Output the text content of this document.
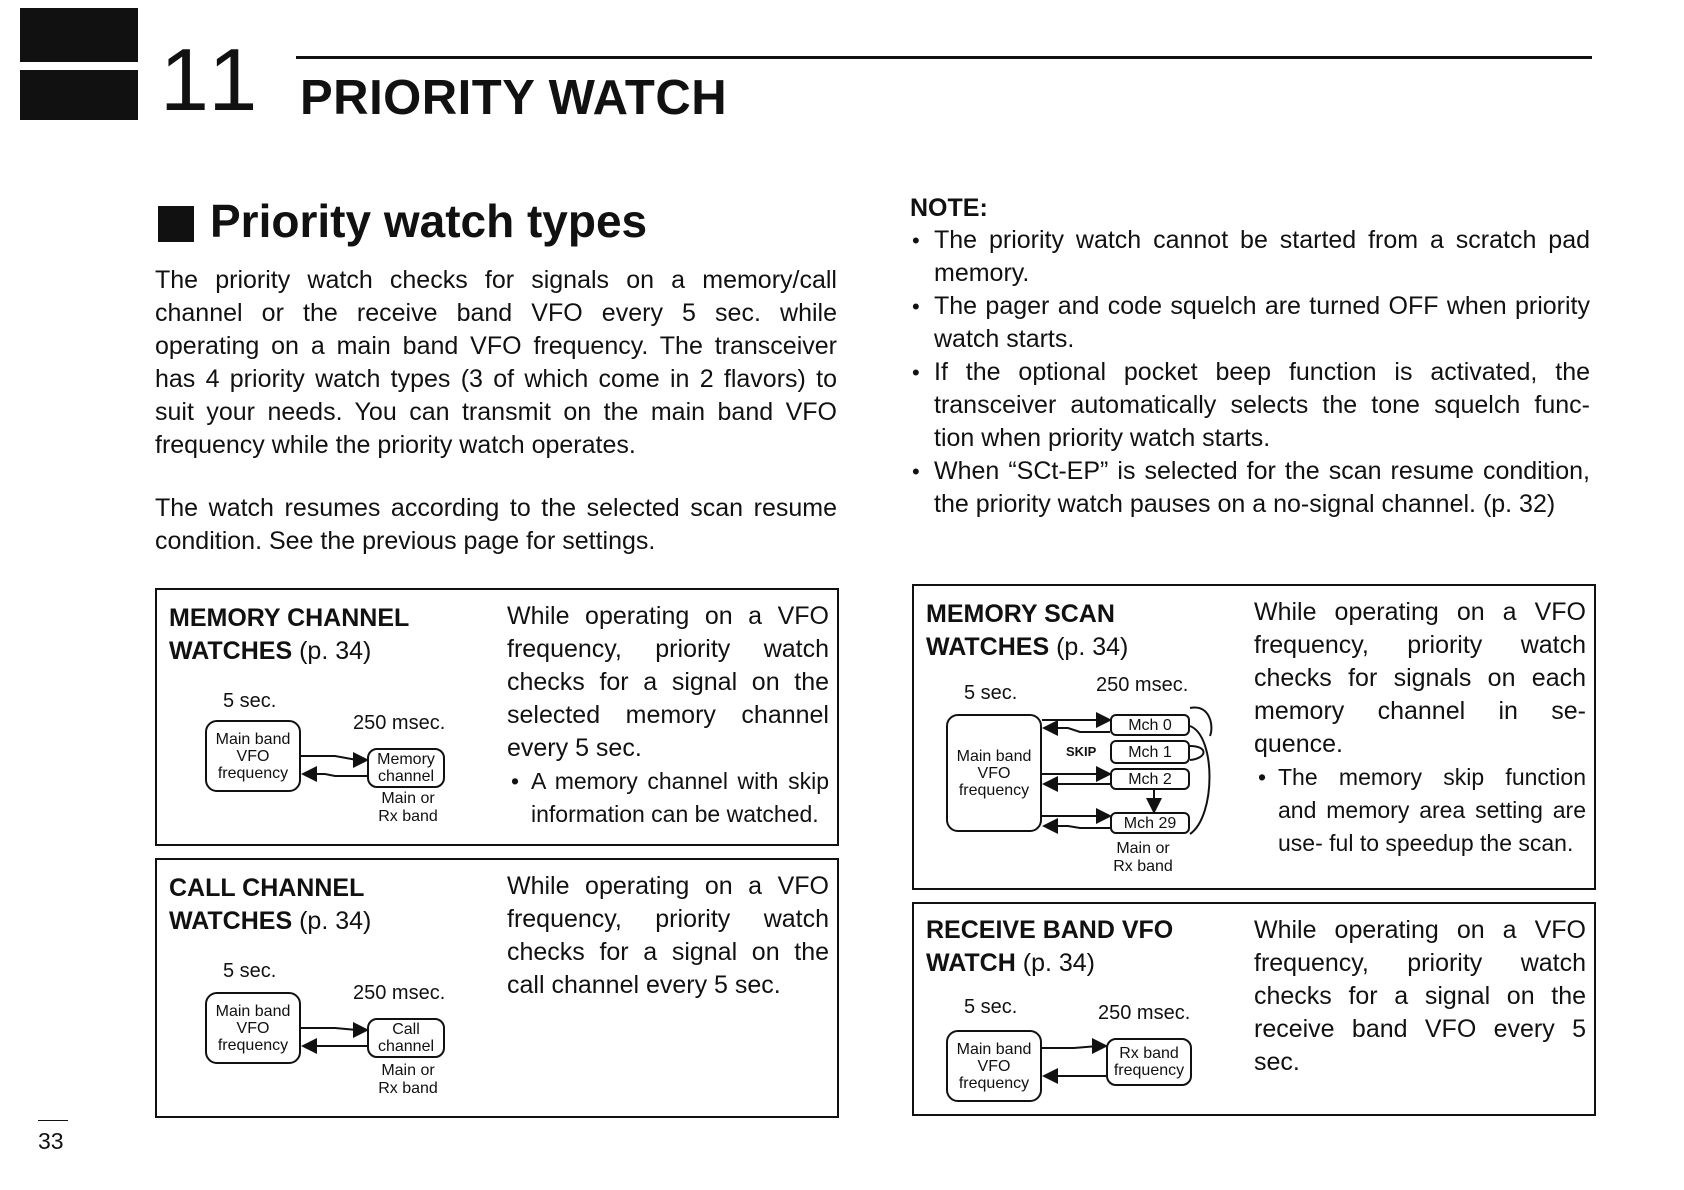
11 PRIORITY WATCH
Priority watch types
The priority watch checks for signals on a memory/call
channel or the receive band VFO every 5 sec. while
operating on a main band VFO frequency. The transceiver
has 4 priority watch types (3 of which come in 2 flavors) to
suit your needs. You can transmit on the main band VFO
frequency while the priority watch operates.
The watch resumes according to the selected scan resume
condition. See the previous page for settings.
NOTE:
• The priority watch cannot be started from a scratch pad memory.
• The pager and code squelch are turned OFF when priority watch starts.
• If the optional pocket beep function is activated, the transceiver automatically selects the tone squelch func- tion when priority watch starts.
• When “SCt-EP” is selected for the scan resume condition, the priority watch pauses on a no-signal channel. (p. 32)
MEMORY CHANNEL
WATCHES (p. 34)
5 sec.
250 msec.
Main band VFO frequency
Memory channel
Main or Rx band
While operating on a VFO frequency, priority watch checks for a signal on the selected memory channel every 5 sec.
• A memory channel with skip information can be watched.
CALL CHANNEL
WATCHES (p. 34)
5 sec.
250 msec.
Main band VFO frequency
Call channel
Main or Rx band
While operating on a VFO frequency, priority watch checks for a signal on the call channel every 5 sec.
MEMORY SCAN
WATCHES (p. 34)
5 sec.	250 msec.
Main band VFO frequency
Mch 0
Mch 1
Mch 2
Mch 29
SKIP
Main or Rx band
While operating on a VFO frequency, priority watch checks for signals on each memory channel in se- quence.
• The memory skip function and memory area setting are use- ful to speedup the scan.
RECEIVE BAND VFO
WATCH (p. 34)
5 sec.	250 msec.
Main band VFO frequency
Rx band frequency
While operating on a VFO frequency, priority watch checks for a signal on the receive band VFO every 5 sec.
33
